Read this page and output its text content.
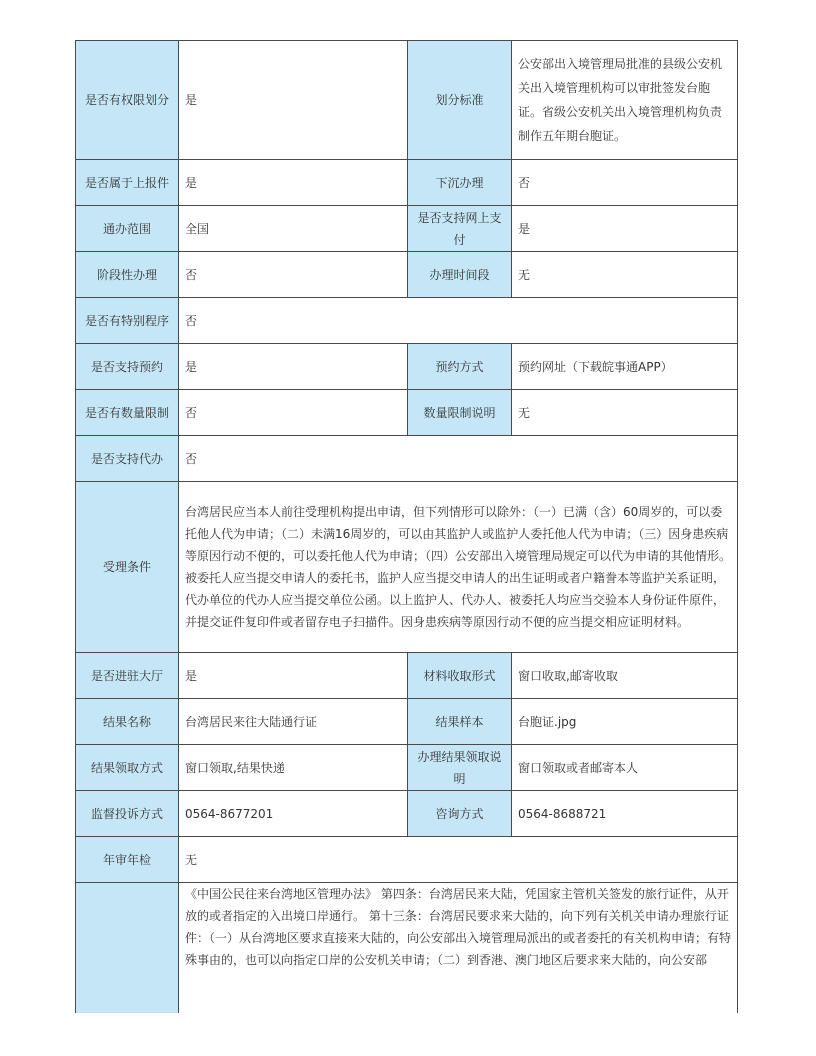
是否有权限划分	是	划分标准	公安部出入境管理局批准的县级公安机关出入境管理机构可以审批签发台胞证。省级公安机关出入境管理机构负责制作五年期台胞证。
是否属于上报件	是	下沉办理	否
通办范围	全国	是否支持网上支付	是
阶段性办理	否	办理时间段	无
是否有特别程序	否		
是否支持预约	是	预约方式	预约网址（下载皖事通APP）
是否有数量限制	否	数量限制说明	无
是否支持代办	否		
受理条件	台湾居民应当本人前往受理机构提出申请，但下列情形可以除外：（一）已满（含）60周岁的，可以委托他人代为申请；（二）未满16周岁的，可以由其监护人或监护人委托他人代为申请；（三）因身患疾病等原因行动不便的，可以委托他人代为申请；（四）公安部出入境管理局规定可以代为申请的其他情形。 被委托人应当提交申请人的委托书，监护人应当提交申请人的出生证明或者户籍誊本等监护关系证明，代办单位的代办人应当提交单位公函。以上监护人、代办人、被委托人均应当交验本人身份证件原件，并提交证件复印件或者留存电子扫描件。因身患疾病等原因行动不便的应当提交相应证明材料。		
是否进驻大厅	是	材料收取形式	窗口收取,邮寄收取
结果名称	台湾居民来往大陆通行证	结果样本	台胞证.jpg
结果领取方式	窗口领取,结果快递	办理结果领取说明	窗口领取或者邮寄本人
监督投诉方式	0564-8677201	咨询方式	0564-8688721
年审年检	无		
	《中国公民往来台湾地区管理办法》 第四条：台湾居民来大陆，凭国家主管机关签发的旅行证件，从开放的或者指定的入出境口岸通行。 第十三条：台湾居民要求来大陆的，向下列有关机关申请办理旅行证件：（一）从台湾地区要求直接来大陆的，向公安部出入境管理局派出的或者委托的有关机构申请；有特殊事由的，也可以向指定口岸的公安机关申请；（二）到香港、澳门地区后要求来大陆的，向公安部		
